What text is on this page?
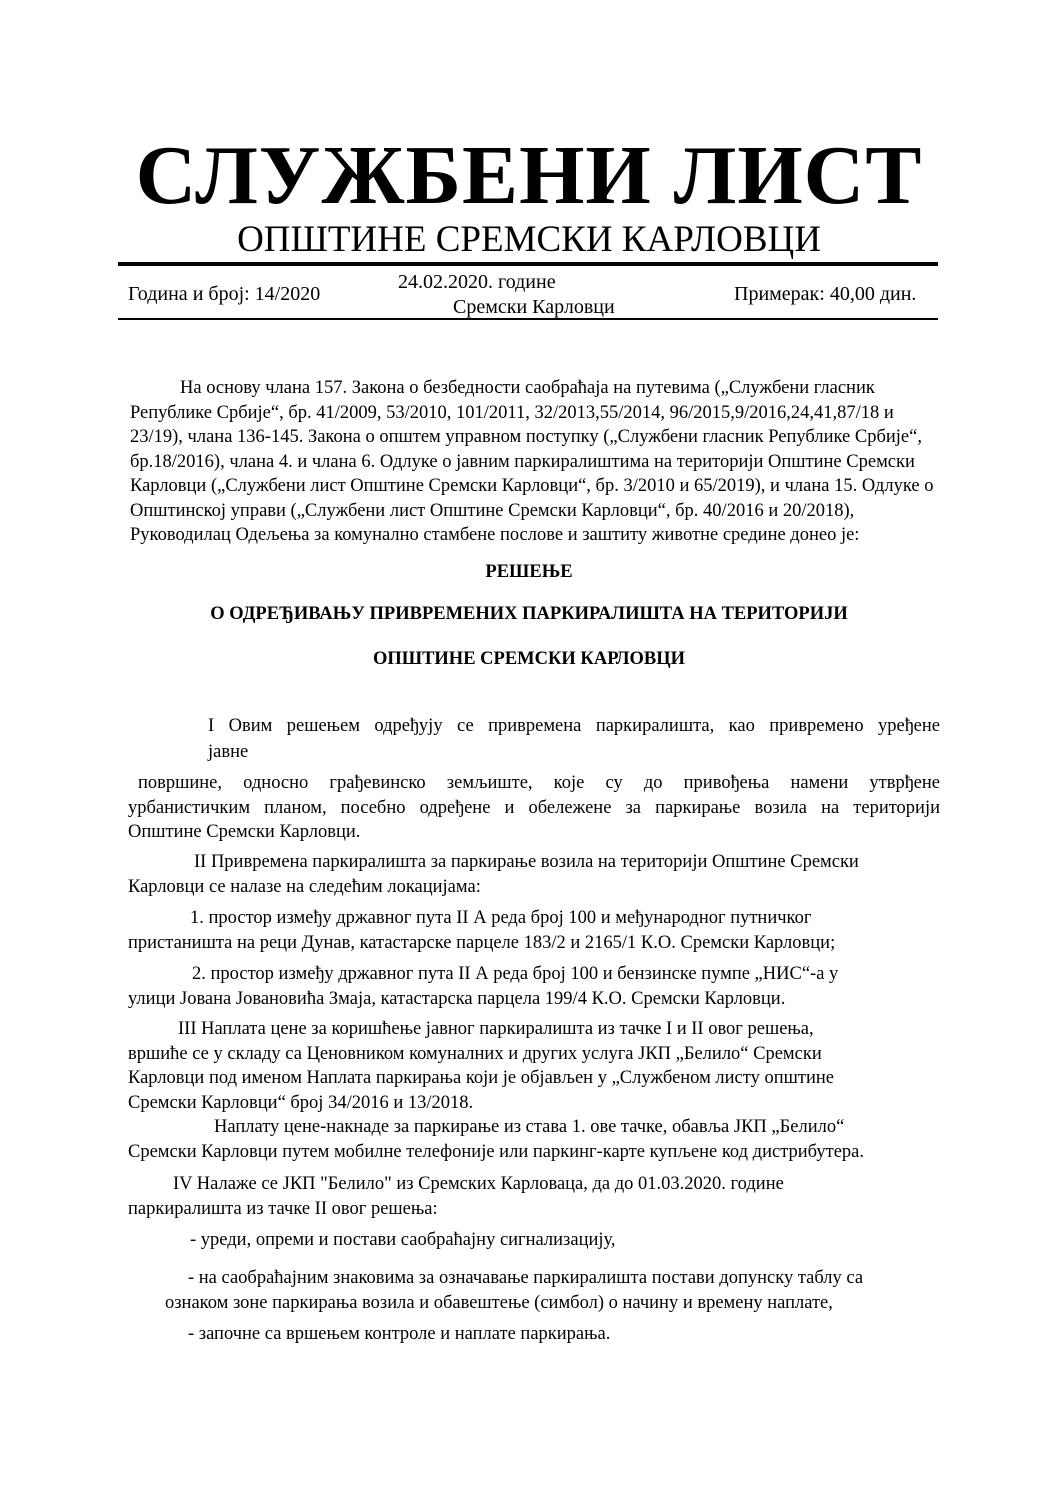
СЛУЖБЕНИ ЛИСТ
ОПШТИНЕ СРЕМСКИ КАРЛОВЦИ
Година и број: 14/2020
24.02.2020. године
Сремски Карловци
Примерак: 40,00 дин.
На основу члана 157. Закона о безбедности саобраћаја на путевима („Службени гласник
Републике Србије“, бр. 41/2009, 53/2010, 101/2011, 32/2013,55/2014, 96/2015,9/2016,24,41,87/18 и
23/19), члана 136-145. Закона о општем управном поступку („Службени гласник Републике Србије“,
бр.18/2016), члана 4. и члана 6. Одлуке о јавним паркиралиштима на територији Општине Сремски
Карловци („Службени лист Општине Сремски Карловци“, бр. 3/2010 и 65/2019), и члана 15. Одлуке о
Општинској управи („Службени лист Општине Сремски Карловци“, бр. 40/2016 и 20/2018),
Руководилац Одељења за комунално стамбене послове и заштиту животне средине донео је:
РЕШЕЊЕ
О ОДРЕЂИВАЊУ ПРИВРЕМЕНИХ ПАРКИРАЛИШТА НА ТЕРИТОРИЈИ
ОПШТИНЕ СРЕМСКИ КАРЛОВЦИ
I Овим решењем одређују се привремена паркиралишта, као привремено уређене
јавне
површине, односно грађевинско земљиште, које су до привођења намени утврђене
урбанистичким планом, посебно одређене и обележене за паркирање возила на територији
Општине Сремски Карловци.
II Привремена паркиралишта за паркирање возила на територији Општине Сремски
Карловци се налазе на следећим локацијама:
1. простор између државног пута II А реда број 100 и међународног путничког
пристаништа на реци Дунав, катастарске парцеле 183/2 и 2165/1 К.О. Сремски Карловци;
2. простор између државног пута II А реда број 100 и бензинске пумпе „НИС“-а у
улици Јована Јовановића Змаја, катастарска парцела 199/4 К.О. Сремски Карловци.
III Наплата цене за коришћење јавног паркиралишта из тачке I и II овог решења,
вршиће се у складу са Ценовником комуналних и других услуга ЈКП „Белило“ Сремски
Карловци под именом Наплата паркирања који је објављен у „Службеном листу општине
Сремски Карловци“ број 34/2016 и 13/2018.
Наплату цене-накнаде за паркирање из става 1. ове тачке, обавља ЈКП „Белило“
Сремски Карловци путем мобилне телефоније или паркинг-карте купљене код дистрибутера.
IV Налаже се ЈКП "Белило" из Сремских Карловаца, да до 01.03.2020. године
паркиралишта из тачке II овог решења:
- уреди, опреми и постави саобраћајну сигнализацију,
- на саобраћајним знаковима за означавање паркиралишта постави допунску таблу са
ознаком зоне паркирања возила и обавештење (симбол) о начину и времену наплате,
- започне са вршењем контроле и наплате паркирања.
